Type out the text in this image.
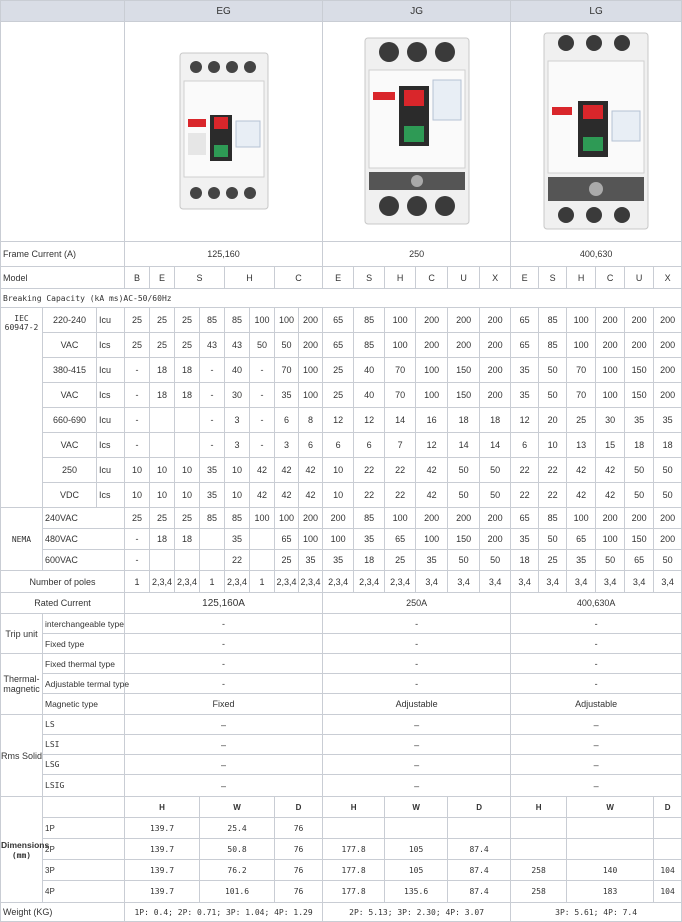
			EG								JG						LG					

Frame Current (A)			125,160								250						400,630					
Model			B	E	S		H		C		E	S	H	C	U	X	E	S	H	C	U	X
Breaking Capacity (kA ms)AC-50/60Hz																						
IEC
60947-2	220-240	Icu	25	25	25	85	85	100	100	200	65	85	100	200	200	200	65	85	100	200	200	200
	VAC	Ics	25	25	25	43	43	50	50	200	65	85	100	200	200	200	65	85	100	200	200	200
	380-415	Icu	-	18	18	-	40	-	70	100	25	40	70	100	150	200	35	50	70	100	150	200
	VAC	Ics	-	18	18	-	30	-	35	100	25	40	70	100	150	200	35	50	70	100	150	200
	660-690	Icu	-			-	3	-	6	8	12	12	14	16	18	18	12	20	25	30	35	35
	VAC	Ics	-			-	3	-	3	6	6	6	7	12	14	14	6	10	13	15	18	18
	250	Icu	10	10	10	35	10	42	42	42	10	22	22	42	50	50	22	22	42	42	50	50
	VDC	Ics	10	10	10	35	10	42	42	42	10	22	22	42	50	50	22	22	42	42	50	50
NEMA	240VAC		25	25	25	85	85	100	100	200	200	85	100	200	200	200	65	85	100	200	200	200
	480VAC		-	18	18		35		65	100	100	35	65	100	150	200	35	50	65	100	150	200
	600VAC		-				22		25	35	35	18	25	35	50	50	18	25	35	50	65	50
Number of poles			1	2,3,4	2,3,4	1	2,3,4	1	2,3,4	2,3,4	2,3,4	2,3,4	2,3,4	3,4	3,4	3,4	3,4	3,4	3,4	3,4	3,4	3,4
Rated Current			125,160A								250A						400,630A					
Trip unit	interchangeable type		-								-						-					
	Fixed type		-								-						-					
Thermal-
magnetic	Fixed thermal type		-								-						-					
	Adjustable termal type		-								-						-					
	Magnetic type		Fixed								Adjustable						Adjustable					
Rms Solid	LS		–								–						–					
	LSI		–								–						–					
	LSG		–								–						–					
	LSIG		–								–						–					
Dimensions
(mm)			H			W			D		H		W		D		H		W			D
	1P		139.7			25.4			76													
	2P		139.7			50.8			76		177.8		105		87.4							
	3P		139.7			76.2			76		177.8		105		87.4		258		140			104
	4P		139.7			101.6			76		177.8		135.6		87.4		258		183			104
Weight (KG)			1P: 0.4; 2P: 0.71; 3P: 1.04; 4P: 1.29								2P: 5.13; 3P: 2.30; 4P: 3.07						3P: 5.61; 4P: 7.4					
